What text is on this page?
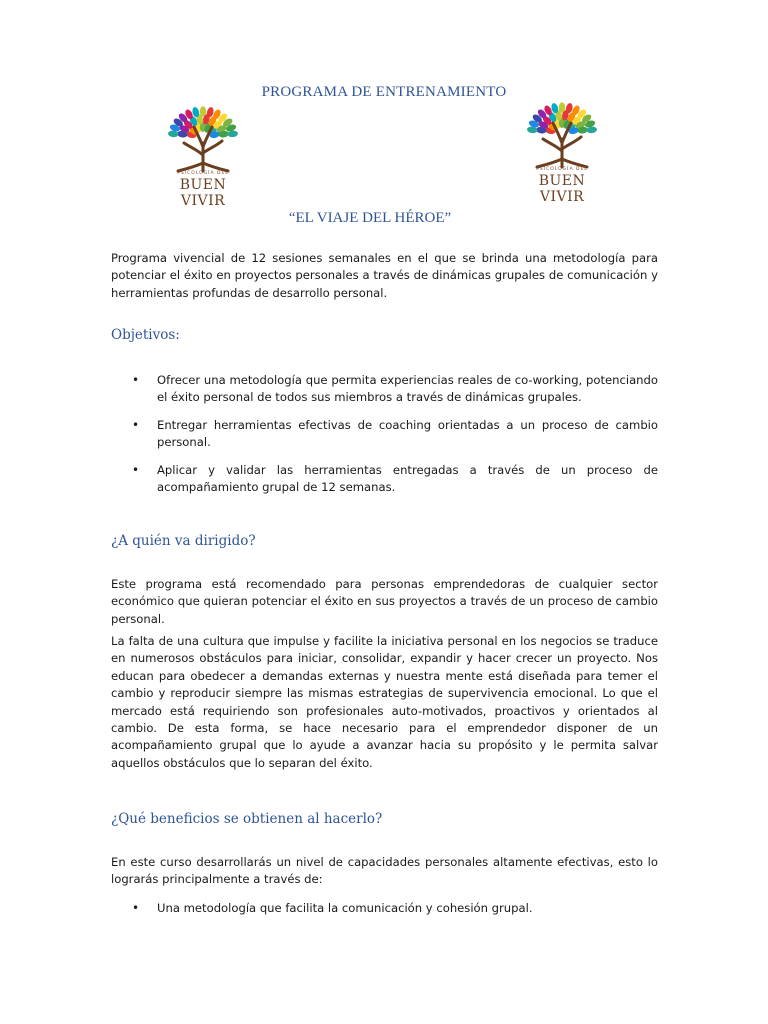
PROGRAMA DE ENTRENAMIENTO
PSICOLOGÍA DEL
BUEN VIVIR
PSICOLOGÍA DEL
BUEN VIVIR
“EL VIAJE DEL HÉROE”

Programa vivencial de 12 sesiones semanales en el que se brinda una metodología para potenciar el éxito en proyectos personales a través de dinámicas grupales de comunicación y herramientas profundas de desarrollo personal.

Objetivos:
• Ofrecer una metodología que permita experiencias reales de co-working, potenciando el éxito personal de todos sus miembros a través de dinámicas grupales.
• Entregar herramientas efectivas de coaching orientadas a un proceso de cambio personal.
• Aplicar y validar las herramientas entregadas a través de un proceso de acompañamiento grupal de 12 semanas.
¿A quién va dirigido?

Este programa está recomendado para personas emprendedoras de cualquier sector económico que quieran potenciar el éxito en sus proyectos a través de un proceso de cambio personal.

La falta de una cultura que impulse y facilite la iniciativa personal en los negocios se traduce en numerosos obstáculos para iniciar, consolidar, expandir y hacer crecer un proyecto. Nos educan para obedecer a demandas externas y nuestra mente está diseñada para temer el cambio y reproducir siempre las mismas estrategias de supervivencia emocional. Lo que el mercado está requiriendo son profesionales auto-motivados, proactivos y orientados al cambio. De esta forma, se hace necesario para el emprendedor disponer de un acompañamiento grupal que lo ayude a avanzar hacia su propósito y le permita salvar aquellos obstáculos que lo separan del éxito.

¿Qué beneficios se obtienen al hacerlo?

En este curso desarrollarás un nivel de capacidades personales altamente efectivas, esto lo lograrás principalmente a través de:

• Una metodología que facilita la comunicación y cohesión grupal.
